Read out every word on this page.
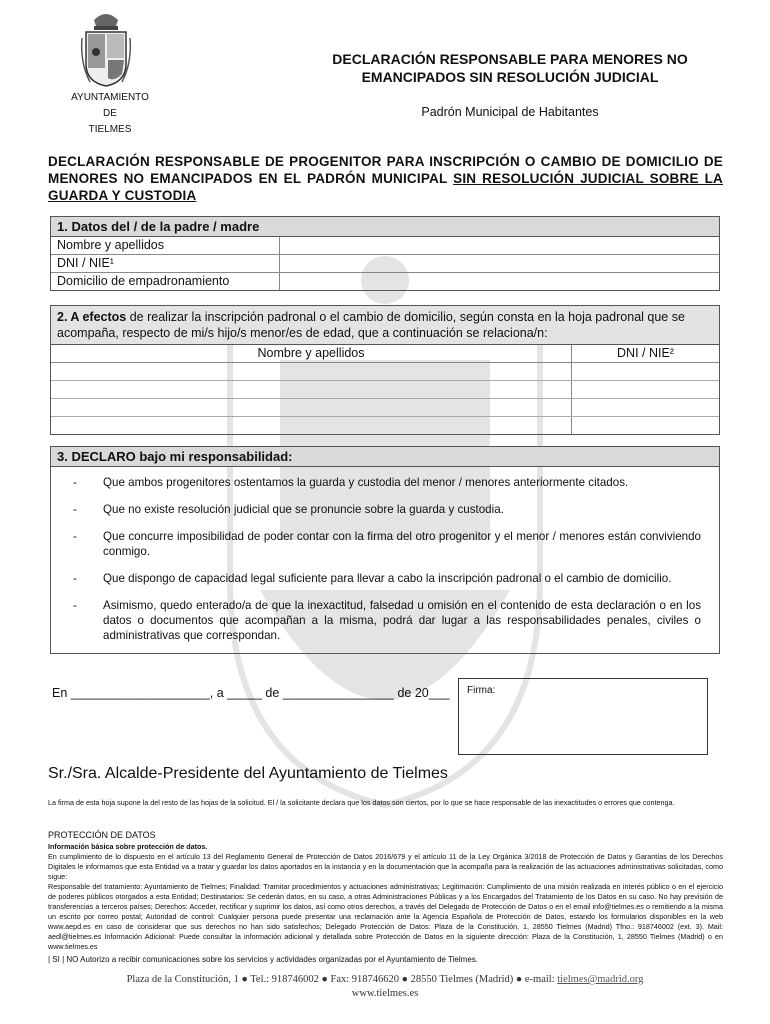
AYUNTAMIENTO
DE
TIELMES
DECLARACIÓN RESPONSABLE PARA MENORES NO
EMANCIPADOS SIN RESOLUCIÓN JUDICIAL
Padrón Municipal de Habitantes
DECLARACIÓN RESPONSABLE DE PROGENITOR PARA INSCRIPCIÓN O CAMBIO DE DOMICILIO DE MENORES NO EMANCIPADOS EN EL PADRÓN MUNICIPAL SIN RESOLUCIÓN JUDICIAL SOBRE LA GUARDA Y CUSTODIA
1. Datos del / de la padre / madre
Nombre y apellidos
DNI / NIE¹
Domicilio de empadronamiento
2. A efectos de realizar la inscripción padronal o el cambio de domicilio, según consta en la hoja padronal que se acompaña, respecto de mi/s hijo/s menor/es de edad, que a continuación se relaciona/n:
Nombre y apellidos	DNI / NIE²
3. DECLARO bajo mi responsabilidad:
-	Que ambos progenitores ostentamos la guarda y custodia del menor / menores anteriormente citados.
-	Que no existe resolución judicial que se pronuncie sobre la guarda y custodia.
-	Que concurre imposibilidad de poder contar con la firma del otro progenitor y el menor / menores están conviviendo conmigo.
-	Que dispongo de capacidad legal suficiente para llevar a cabo la inscripción padronal o el cambio de domicilio.
-	Asimismo, quedo enterado/a de que la inexactitud, falsedad u omisión en el contenido de esta declaración o en los datos o documentos que acompañan a la misma, podrá dar lugar a las responsabilidades penales, civiles o administrativas que correspondan.
En ____________________, a _____ de ________________ de 20___ Firma:
Sr./Sra. Alcalde-Presidente del Ayuntamiento de Tielmes
La firma de esta hoja supone la del resto de las hojas de la solicitud. El / la solicitante declara que los datos son ciertos, por lo que se hace responsable de las inexactitudes o errores que contenga.
PROTECCIÓN DE DATOS
Información básica sobre protección de datos.
En cumplimiento de lo dispuesto en el artículo 13 del Reglamento General de Protección de Datos 2016/679 y el artículo 11 de la Ley Orgánica 3/2018 de Protección de Datos y Garantías de los Derechos Digitales le informamos que esta Entidad va a tratar y guardar los datos aportados en la instancia y en la documentación que la acompaña para la realización de las actuaciones administrativas solicitadas, como sigue:
Responsable del tratamiento: Ayuntamiento de Tielmes; Finalidad: Tramitar procedimientos y actuaciones administrativas; Legitimación: Cumplimiento de una misión realizada en interés público o en el ejercicio de poderes públicos otorgados a esta Entidad; Destinatarios: Se cederán datos, en su caso, a otras Administraciones Públicas y a los Encargados del Tratamiento de los Datos en su caso. No hay previsión de transferencias a terceros países; Derechos: Acceder, rectificar y suprimir los datos, así como otros derechos, a través del Delegado de Protección de Datos o en el email info@tielmes.es o remitiendo a la misma un escrito por correo postal; Autoridad de control: Cualquier persona puede presentar una reclamación ante la Agencia Española de Protección de Datos, estando los formularios disponibles en la web www.aepd.es en caso de considerar que sus derechos no han sido satisfechos; Delegado Protección de Datos: Plaza de la Constitución, 1, 28550 Tielmes (Madrid) Tfno.: 918746002 (ext. 3). Mail: aedl@tielmes.es Información Adicional: Puede consultar la información adicional y detallada sobre Protección de Datos en la siguiente dirección: Plaza de la Constitución, 1, 28550 Tielmes (Madrid) o en www.tielmes.es
| SI | NO Autorizo a recibir comunicaciones sobre los servicios y actividades organizadas por el Ayuntamiento de Tielmes.
Plaza de la Constitución, 1 ● Tel.: 918746002 ● Fax: 918746620 ● 28550 Tielmes (Madrid) ● e-mail: tielmes@madrid.org
www.tielmes.es
